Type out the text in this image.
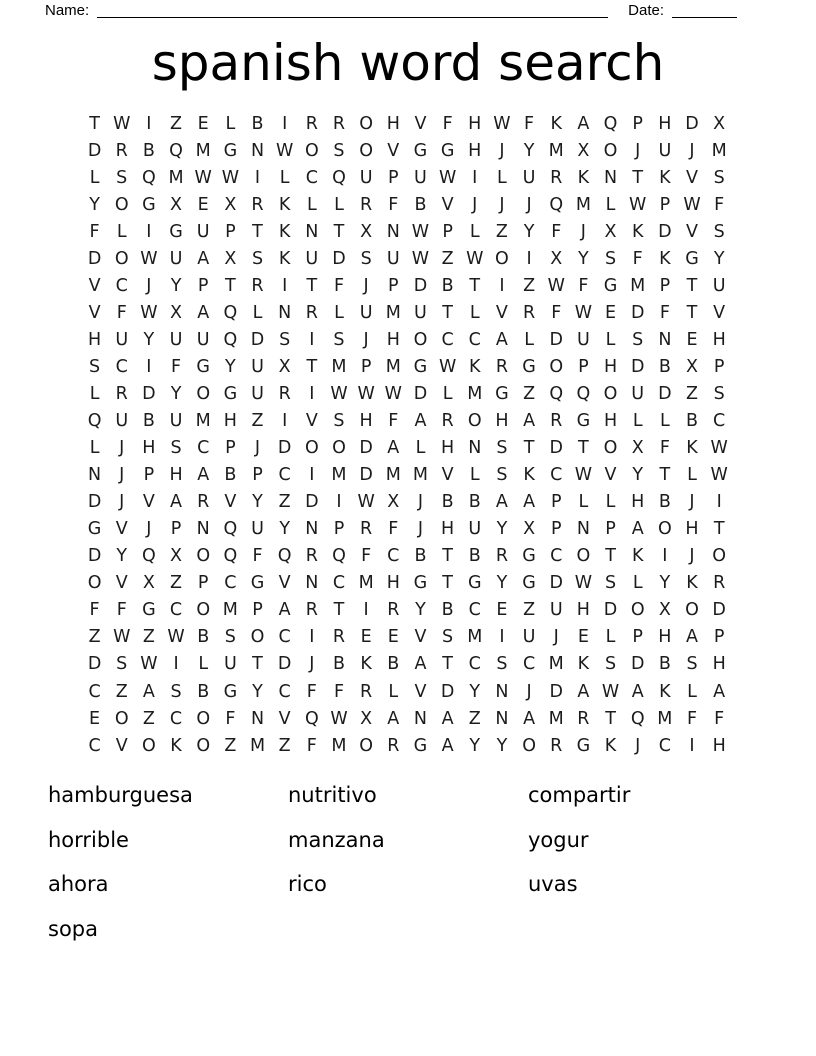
Name:	Date:
spanish word search
T W I	Z E L B	I	R R O H V F H W F K A Q P H D X
D R B Q M G N W O S O V G G H	J	Y M X O	J	U	J M
L S Q M W W I	L C Q U P U W I	L U R K N T K V S
Y O G X E X R K L L R F B V	J	J	J	Q M L W P W F
F L	I	G U P T K N T X N W P L Z Y F	J	X K D V S
D O W U A X S K U D S U W Z W O	I	X Y S F K G Y
V C	J	Y P T R	I	T F	J	P D B T	I	Z W F G M P T U
V F W X A Q L N R L U M U T L V R F W E D F T V
H U Y U U Q D S	I	S	J	H O C C A L D U L S N E H
S C	I	F G Y U X T M P M G W K R G O P H D B X P
L R D Y O G U R	I W W W D L M G Z Q Q O U D Z S
Q U B U M H Z	I	V S H F A R O H A R G H L L B C
L	J	H S C P	J	D O O D A L H N S T D T O X F K W
N	J	P H A B P C	I M D M M V L S K C W V Y T L W
D	J	V A R V Y Z D	I W X	J	B B A A P L L H B	J	I
G V	J	P N Q U Y N P R F	J	H U Y X P N P A O H T
D Y Q X O Q F Q R Q F C B T B R G C O T K	I	J	O
O V X Z P C G V N C M H G T G Y G D W S L Y K R
F F G C O M P A R T	I	R Y B C E Z U H D O X O D
Z W Z W B S O C	I	R E E V S M I	U	J	E L P H A P
D S W I	L U T D	J	B K B A T C S C M K S D B S H
C Z A S B G Y C F F R L V D Y N	J	D A W A K L A
E O Z C O F N V Q W X A N A Z N A M R T Q M F F
C V O K O Z M Z F M O R G A Y Y O R G K	J	C	I	H
hamburguesa
horrible
ahora
sopa
nutritivo
manzana
rico
compartir
yogur
uvas
